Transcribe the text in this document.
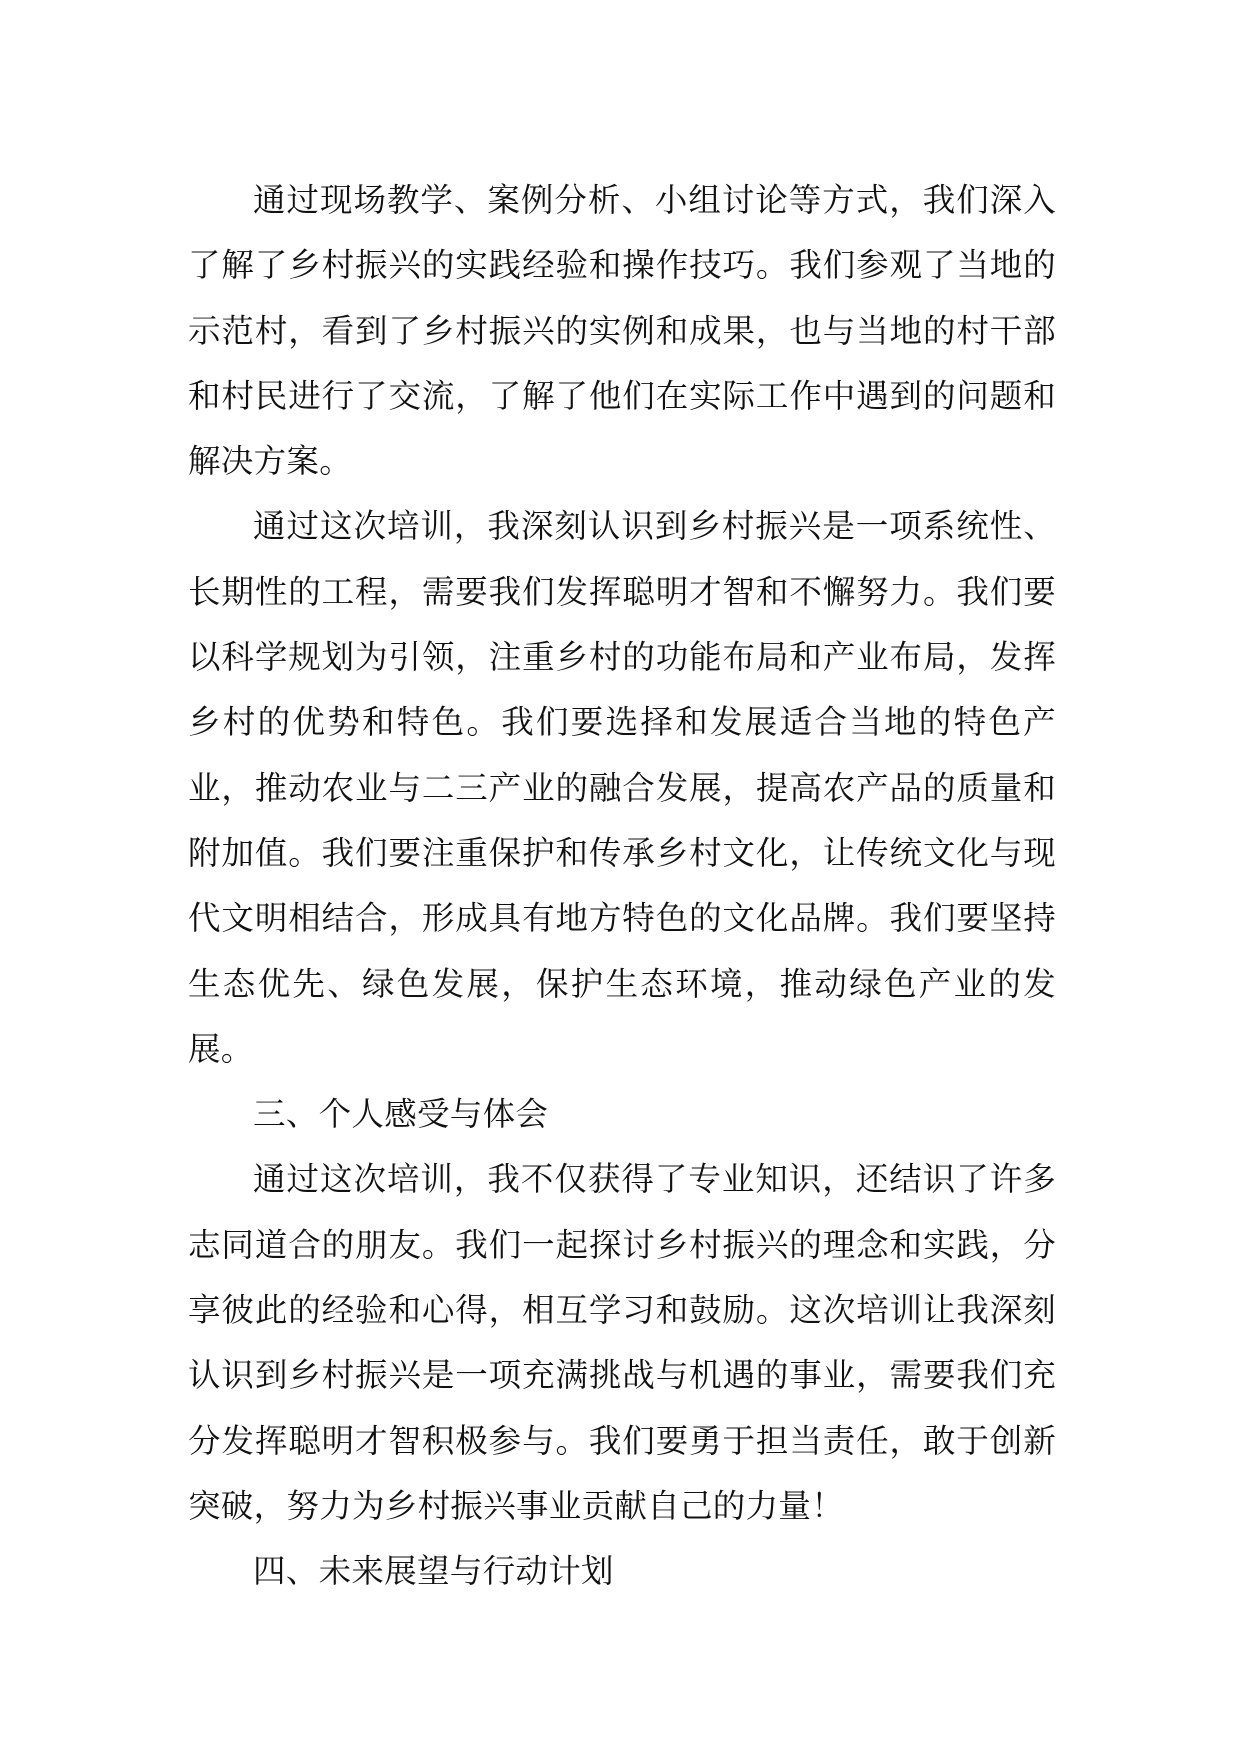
通过现场教学、案例分析、小组讨论等方式，我们深入了解了乡村振兴的实践经验和操作技巧。我们参观了当地的示范村，看到了乡村振兴的实例和成果，也与当地的村干部和村民进行了交流，了解了他们在实际工作中遇到的问题和解决方案。

通过这次培训，我深刻认识到乡村振兴是一项系统性、长期性的工程，需要我们发挥聪明才智和不懈努力。我们要以科学规划为引领，注重乡村的功能布局和产业布局，发挥乡村的优势和特色。我们要选择和发展适合当地的特色产业，推动农业与二三产业的融合发展，提高农产品的质量和附加值。我们要注重保护和传承乡村文化，让传统文化与现代文明相结合，形成具有地方特色的文化品牌。我们要坚持生态优先、绿色发展，保护生态环境，推动绿色产业的发展。

三、个人感受与体会

通过这次培训，我不仅获得了专业知识，还结识了许多志同道合的朋友。我们一起探讨乡村振兴的理念和实践，分享彼此的经验和心得，相互学习和鼓励。这次培训让我深刻认识到乡村振兴是一项充满挑战与机遇的事业，需要我们充分发挥聪明才智积极参与。我们要勇于担当责任，敢于创新突破，努力为乡村振兴事业贡献自己的力量！

四、未来展望与行动计划
